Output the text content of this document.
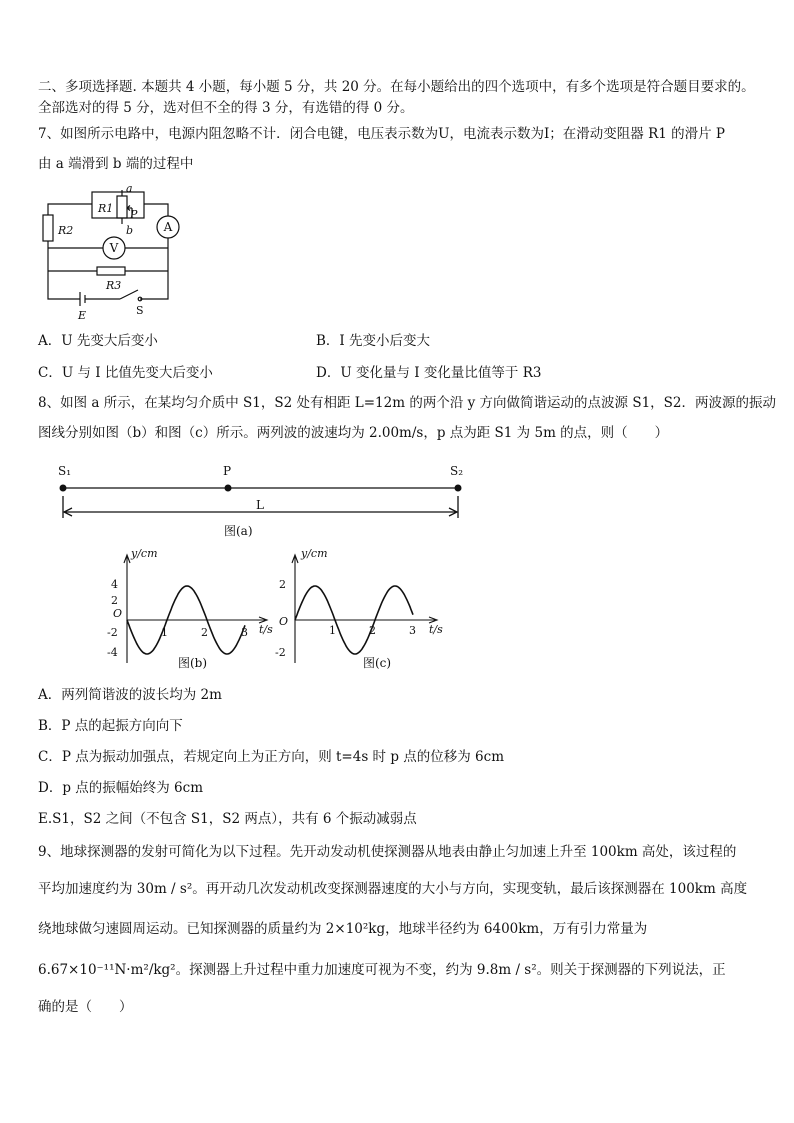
二、多项选择题. 本题共 4 小题，每小题 5 分，共 20 分。在每小题给出的四个选项中，有多个选项是符合题目要求的。
全部选对的得 5 分，选对但不全的得 3 分，有选错的得 0 分。
7、如图所示电路中，电源内阻忽略不计．闭合电键，电压表示数为U，电流表示数为I；在滑动变阻器 R1 的滑片 P
由 a 端滑到 b 端的过程中
a
R1 P
b
R2
V
A
R3
S
E
A．U 先变大后变小	B．I 先变小后变大
C．U 与 I 比值先变大后变小	D．U 变化量与 I 变化量比值等于 R3
8、如图 a 所示，在某均匀介质中 S1，S2 处有相距 L=12m 的两个沿 y 方向做简谐运动的点波源 S1，S2．两波源的振动
图线分别如图（b）和图（c）所示。两列波的波速均为 2.00m/s，p 点为距 S1 为 5m 的点，则（　　）
S₁	P	S₂
L
图(a)
y/cm
O
4
2
-2
-4
1	2	3 t/s
图(b)
y/cm
O
2
-2
1	2	3 t/s
图(c)
A．两列简谐波的波长均为 2m
B．P 点的起振方向向下
C．P 点为振动加强点，若规定向上为正方向，则 t=4s 时 p 点的位移为 6cm
D．p 点的振幅始终为 6cm
E.S1，S2 之间（不包含 S1，S2 两点），共有 6 个振动减弱点
9、地球探测器的发射可简化为以下过程。先开动发动机使探测器从地表由静止匀加速上升至 100km 高处，该过程的
平均加速度约为 30m / s²。再开动几次发动机改变探测器速度的大小与方向，实现变轨，最后该探测器在 100km 高度
绕地球做匀速圆周运动。已知探测器的质量约为 2×10²kg，地球半径约为 6400km，万有引力常量为
6.67×10⁻¹¹N·m²/kg²。探测器上升过程中重力加速度可视为不变，约为 9.8m / s²。则关于探测器的下列说法，正
确的是（　　）
